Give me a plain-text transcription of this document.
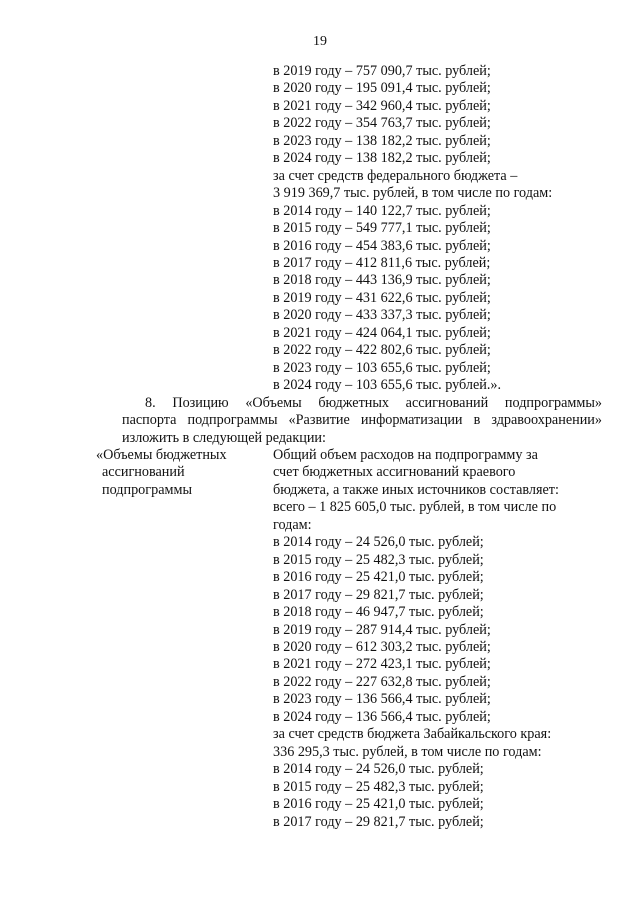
19
в 2019 году – 757 090,7 тыс. рублей;
в 2020 году – 195 091,4 тыс. рублей;
в 2021 году – 342 960,4 тыс. рублей;
в 2022 году – 354 763,7 тыс. рублей;
в 2023 году – 138 182,2 тыс. рублей;
в 2024 году – 138 182,2 тыс. рублей;
за счет средств федерального бюджета –
3 919 369,7 тыс. рублей, в том числе по годам:
в 2014 году – 140 122,7 тыс. рублей;
в 2015 году – 549 777,1 тыс. рублей;
в 2016 году – 454 383,6 тыс. рублей;
в 2017 году – 412 811,6 тыс. рублей;
в 2018 году – 443 136,9 тыс. рублей;
в 2019 году – 431 622,6 тыс. рублей;
в 2020 году – 433 337,3 тыс. рублей;
в 2021 году – 424 064,1 тыс. рублей;
в 2022 году – 422 802,6 тыс. рублей;
в 2023 году – 103 655,6 тыс. рублей;
в 2024 году – 103 655,6 тыс. рублей.».
8. Позицию «Объемы бюджетных ассигнований подпрограммы»
паспорта подпрограммы «Развитие информатизации в здравоохранении»
изложить в следующей редакции:
«Объемы бюджетных
ассигнований
подпрограммы
Общий объем расходов на подпрограмму за
счет бюджетных ассигнований краевого
бюджета, а также иных источников составляет:
всего – 1 825 605,0 тыс. рублей, в том числе по
годам:
в 2014 году – 24 526,0 тыс. рублей;
в 2015 году – 25 482,3 тыс. рублей;
в 2016 году – 25 421,0 тыс. рублей;
в 2017 году – 29 821,7 тыс. рублей;
в 2018 году – 46 947,7 тыс. рублей;
в 2019 году – 287 914,4 тыс. рублей;
в 2020 году – 612 303,2 тыс. рублей;
в 2021 году – 272 423,1 тыс. рублей;
в 2022 году – 227 632,8 тыс. рублей;
в 2023 году – 136 566,4 тыс. рублей;
в 2024 году – 136 566,4 тыс. рублей;
за счет средств бюджета Забайкальского края:
336 295,3 тыс. рублей, в том числе по годам:
в 2014 году – 24 526,0 тыс. рублей;
в 2015 году – 25 482,3 тыс. рублей;
в 2016 году – 25 421,0 тыс. рублей;
в 2017 году – 29 821,7 тыс. рублей;
